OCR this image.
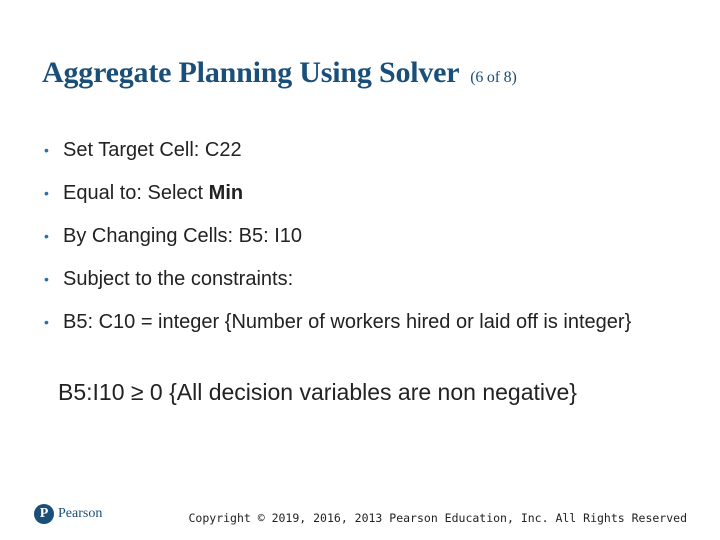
Aggregate Planning Using Solver (6 of 8)
• Set Target Cell: C22
• Equal to: Select Min
• By Changing Cells: B5: I10
• Subject to the constraints:
• B5: C10 = integer {Number of workers hired or laid off is integer}
B5:I10 ≥ 0 {All decision variables are non negative}
P Pearson	Copyright © 2019, 2016, 2013 Pearson Education, Inc. All Rights Reserved
